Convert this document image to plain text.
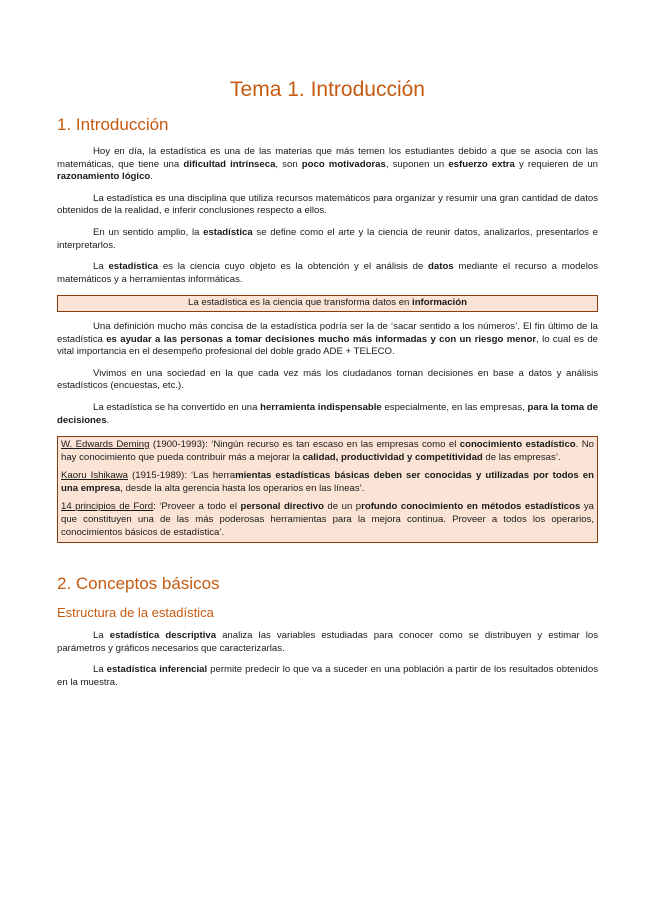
Tema 1. Introducción
1. Introducción

Hoy en día, la estadística es una de las materias que más temen los estudiantes debido a que se asocia con las matemáticas, que tiene una dificultad intrínseca, son poco motivadoras, suponen un esfuerzo extra y requieren de un razonamiento lógico.

La estadística es una disciplina que utiliza recursos matemáticos para organizar y resumir una gran cantidad de datos obtenidos de la realidad, e inferir conclusiones respecto a ellos.

En un sentido amplio, la estadística se define como el arte y la ciencia de reunir datos, analizarlos, presentarlos e interpretarlos.

La estadística es la ciencia cuyo objeto es la obtención y el análisis de datos mediante el recurso a modelos matemáticos y a herramientas informáticas.

La estadística es la ciencia que transforma datos en información

Una definición mucho más concisa de la estadística podría ser la de ‘sacar sentido a los números’. El fin último de la estadística es ayudar a las personas a tomar decisiones mucho más informadas y con un riesgo menor, lo cual es de vital importancia en el desempeño profesional del doble grado ADE + TELECO.

Vivimos en una sociedad en la que cada vez más los ciudadanos toman decisiones en base a datos y análisis estadísticos (encuestas, etc.).

La estadística se ha convertido en una herramienta indispensable especialmente, en las empresas, para la toma de decisiones.

W. Edwards Deming (1900-1993): ‘Ningún recurso es tan escaso en las empresas como el conocimiento estadístico. No hay conocimiento que pueda contribuir más a mejorar la calidad, productividad y competitividad de las empresas’.

Kaoru Ishikawa (1915-1989): ‘Las herramientas estadísticas básicas deben ser conocidas y utilizadas por todos en una empresa, desde la alta gerencia hasta los operarios en las líneas’.

14 principios de Ford: ‘Proveer a todo el personal directivo de un profundo conocimiento en métodos estadísticos ya que constituyen una de las más poderosas herramientas para la mejora continua. Proveer a todos los operarios, conocimientos básicos de estadística’.

2. Conceptos básicos
Estructura de la estadística

La estadística descriptiva analiza las variables estudiadas para conocer como se distribuyen y estimar los parámetros y gráficos necesarios que caracterizarlas.

La estadística inferencial permite predecir lo que va a suceder en una población a partir de los resultados obtenidos en la muestra.
